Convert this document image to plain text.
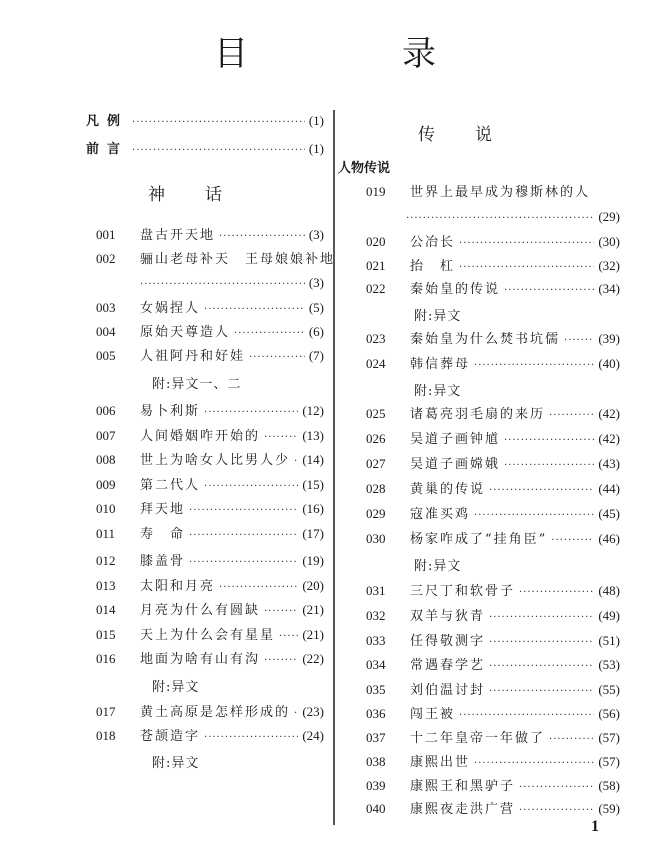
目　录
凡例 ·····	(1)
前言 ·····	(1)
神话
001	盘古开天地 ·····	(3)
002	骊山老母补天　王母娘娘补地
·····
(3)
003	女娲捏人 ·····	(5)
004	原始天尊造人 ·····	(6)
005	人祖阿丹和好娃 ·····	(7)
附:异文一、二
006	易卜利斯 ·····	(12)
007	人间婚姻咋开始的 ·····	(13)
008	世上为啥女人比男人少 ····· (14)
009	第二代人 ·····	(15)
010	拜天地 ·····	(16)
011	寿　命 ·····	(17)
012	膝盖骨 ·····	(19)
013	太阳和月亮 ·····	(20)
014	月亮为什么有圆缺 ·····	(21)
015	天上为什么会有星星 ····· (21)
016	地面为啥有山有沟 ·····	(22)
附:异文
017	黄土高原是怎样形成的 ····· (23)
018	苍颉造字 ·····	(24)
附:异文
传说
人物传说
019	世界上最早成为穆斯林的人
·····
(29)
020	公冶长 ·····	(30)
021	抬　杠 ·····	(32)
022	秦始皇的传说 ·····	(34)
附:异文
023	秦始皇为什么焚书坑儒 ·····	(39)
024	韩信葬母 ·····	(40)
附:异文
025	诸葛亮羽毛扇的来历 ·····	(42)
026	吴道子画钟馗 ·····	(42)
027	吴道子画嫦娥 ·····	(43)
028	黄巢的传说 ·····	(44)
029	寇准买鸡 ·····	(45)
030	杨家咋成了“挂角臣” ·····	(46)
附:异文
031	三尺丁和软骨子 ·····	(48)
032	双羊与狄青 ·····	(49)
033	任得敬测字 ·····	(51)
034	常遇春学艺 ·····	(53)
035	刘伯温讨封 ·····	(55)
036	闯王被 ·····	(56)
037	十二年皇帝一年做了 ·····	(57)
038	康熙出世 ·····	(57)
039	康熙王和黑驴子 ·····	(58)
040	康熙夜走洪广营 ·····	(59)
1
